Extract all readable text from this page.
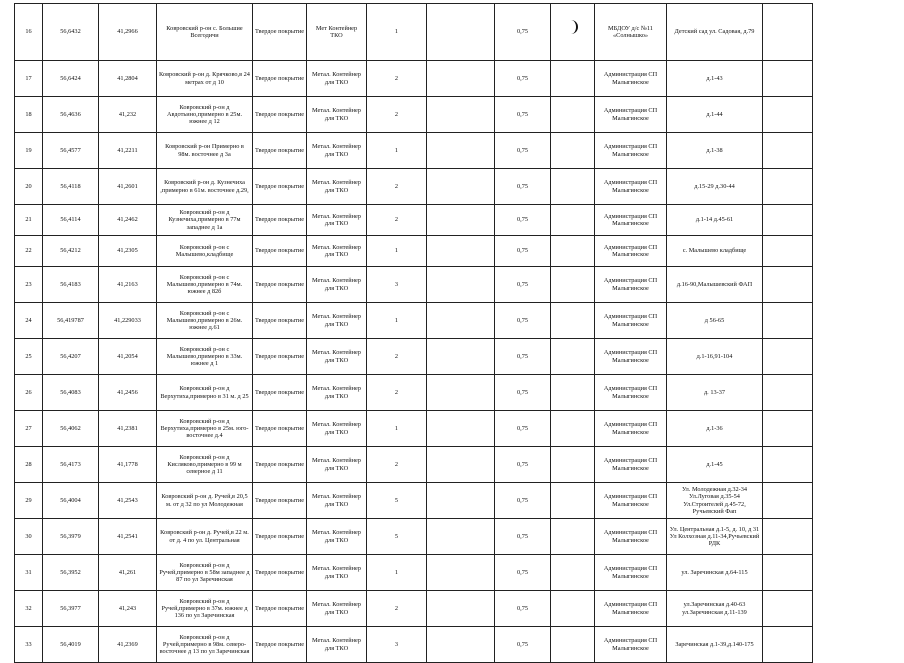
16	56,6432	41,2966	Ковровский р-он с. Большие Всегодичи	Твердое покрытие	Мет Контейнер ТКО	1		0,75		МБДОУ д/с №11 «Солнышко»	Детский сад ул. Садовая, д.79	
17	56,6424	41,2804	Ковровский р-он д. Крячково,в 24 метрах от д 10	Твердое покрытие	Метал. Контейнер для ТКО	2		0,75		Администрация СП Малыгинское	д.1-43	
18	56,4636	41,232	Ковровский р-он д Авдотьино,примерно в 25м. южнее д 12	Твердое покрытие	Метал. Контейнер для ТКО	2		0,75		Администрация СП Малыгинское	д.1-44	
19	56,4577	41,2211	Ковровский р-он Примерно в 98м. восточнее д 3а	Твердое покрытие	Метал. Контейнер для ТКО	1		0,75		Администрация СП Малыгинское	д.1-38	
20	56,4118	41,2601	Ковровский р-он д. Кузнечиха ,примерно в 61м. восточнее д.29,	Твердое покрытие	Метал. Контейнер для ТКО	2		0,75		Администрация СП Малыгинское	д.15-29 д.30-44	
21	56,4114	41,2462	Ковровский р-он д Кузнечиха,примерно в 77м западнее д 1а	Твердое покрытие	Метал. Контейнер для ТКО	2		0,75		Администрация СП Малыгинское	д.1-14 д.45-61	
22	56,4212	41,2305	Ковровский р-он с Малышево,кладбище	Твердое покрытие	Метал. Контейнер для ТКО	1		0,75		Администрация СП Малыгинское	с. Малышево кладбище	
23	56,4183	41,2163	Ковровский р-он с Малышево,примерно в 74м. южнее д 82б	Твердое покрытие	Метал. Контейнер для ТКО	3		0,75		Администрация СП Малыгинское	д.16-90,Малышевский ФАП	
24	56,419787	41,229033	Ковровский р-он с Малышево,примерно в 26м. южнее д.61	Твердое покрытие	Метал. Контейнер для ТКО	1		0,75		Администрация СП Малыгинское	д 56-65	
25	56,4207	41,2054	Ковровский р-он с Малышево,примерно в 33м. южнее д 1	Твердое покрытие	Метал. Контейнер для ТКО	2		0,75		Администрация СП Малыгинское	д.1-16,91-104	
26	56,4083	41,2456	Ковровский р-он д Верхутиха,примерно в 31 м. д 25	Твердое покрытие	Метал. Контейнер для ТКО	2		0,75		Администрация СП Малыгинское	д. 13-37	
27	56,4062	41,2381	Ковровский р-он д Верхутиха,примерно в 25м. юго-восточнее д.4	Твердое покрытие	Метал. Контейнер для ТКО	1		0,75		Администрация СП Малыгинское	д.1-36	
28	56,4173	41,1778	Ковровский р-он д Кисляково,примерно в 99 м северное д 11	Твердое покрытие	Метал. Контейнер для ТКО	2		0,75		Администрация СП Малыгинское	д.1-45	
29	56,4004	41,2543	Ковровский р-он д. Ручей,в 20,5 м. от д 32 по ул Молодежная	Твердое покрытие	Метал. Контейнер для ТКО	5		0,75		Администрация СП Малыгинское	Ул. Молодежная д.32-34 Ул.Луговая д.35-54 Ул.Строителей д.45-72, Ручьевский Фап	
30	56,3979	41,2541	Ковровский р-он д. Ручей,в 22 м. от д. 4 по ул. Центральная	Твердое покрытие	Метал. Контейнер для ТКО	5		0,75		Администрация СП Малыгинское	Ул. Центральная д.1-5, д. 10, д 31 Ул Колхозная д.11-34,Ручьевский РДК	
31	56,3952	41,261	Ковровский р-он д Ручей,примерно в 58м западнее д 87 по ул Заречинская	Твердое покрытие	Метал. Контейнер для ТКО	1		0,75		Администрация СП Малыгинское	ул. Заречинская д.64-115	
32	56,3977	41,243	Ковровский р-он д Ручей,примерно в 37м. южнее д 136 по ул Заречинская	Твердое покрытие	Метал. Контейнер для ТКО	2		0,75		Администрация СП Малыгинское	ул.Заречинская д.40-63 ул.Заречинская д.11-139	
33	56,4019	41,2369	Ковровский р-он д Ручей,примерно в 98м. северо-восточнее д 13 по ул Заречинская	Твердое покрытие	Метал. Контейнер для ТКО	3		0,75		Администрация СП Малыгинское	Заречинская д.1-39,д.140-175	
